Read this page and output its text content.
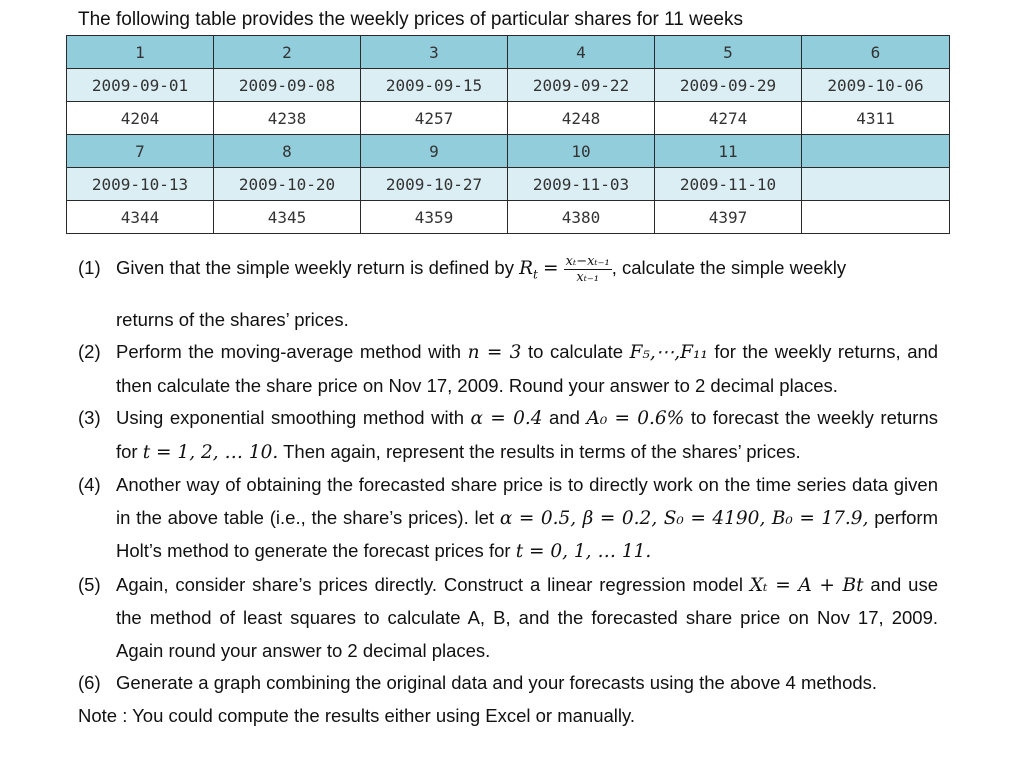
The following table provides the weekly prices of particular shares for 11 weeks
1	2	3	4	5	6
2009-09-01	2009-09-08	2009-09-15	2009-09-22	2009-09-29	2009-10-06
4204	4238	4257	4248	4274	4311
7	8	9	10	11	
2009-10-13	2009-10-20	2009-10-27	2009-11-03	2009-11-10	
4344	4345	4359	4380	4397	
(1) Given that the simple weekly return is defined by $R_t = \frac{\text{xₜ−xₜ₋₁}}{\text{xₜ₋₁}}$ , calculate the simple weekly
returns of the shares’ prices.
(2) Perform the moving-average method with n = 3 to calculate F₅,⋯,F₁₁ for the weekly returns, and then calculate the share price on Nov 17, 2009. Round your answer to 2 decimal places.
(3) Using exponential smoothing method with α = 0.4 and A₀ = 0.6% to forecast the weekly returns for t = 1, 2, … 10. Then again, represent the results in terms of the shares’ prices.
(4) Another way of obtaining the forecasted share price is to directly work on the time series data given in the above table (i.e., the share’s prices). let α = 0.5, β = 0.2, S₀ = 4190, B₀ = 17.9, perform Holt’s method to generate the forecast prices for t = 0, 1, … 11.
(5) Again, consider share’s prices directly. Construct a linear regression model Xₜ = A + Bt and use the method of least squares to calculate A, B, and the forecasted share price on Nov 17, 2009. Again round your answer to 2 decimal places.
(6) Generate a graph combining the original data and your forecasts using the above 4 methods.
Note : You could compute the results either using Excel or manually.
